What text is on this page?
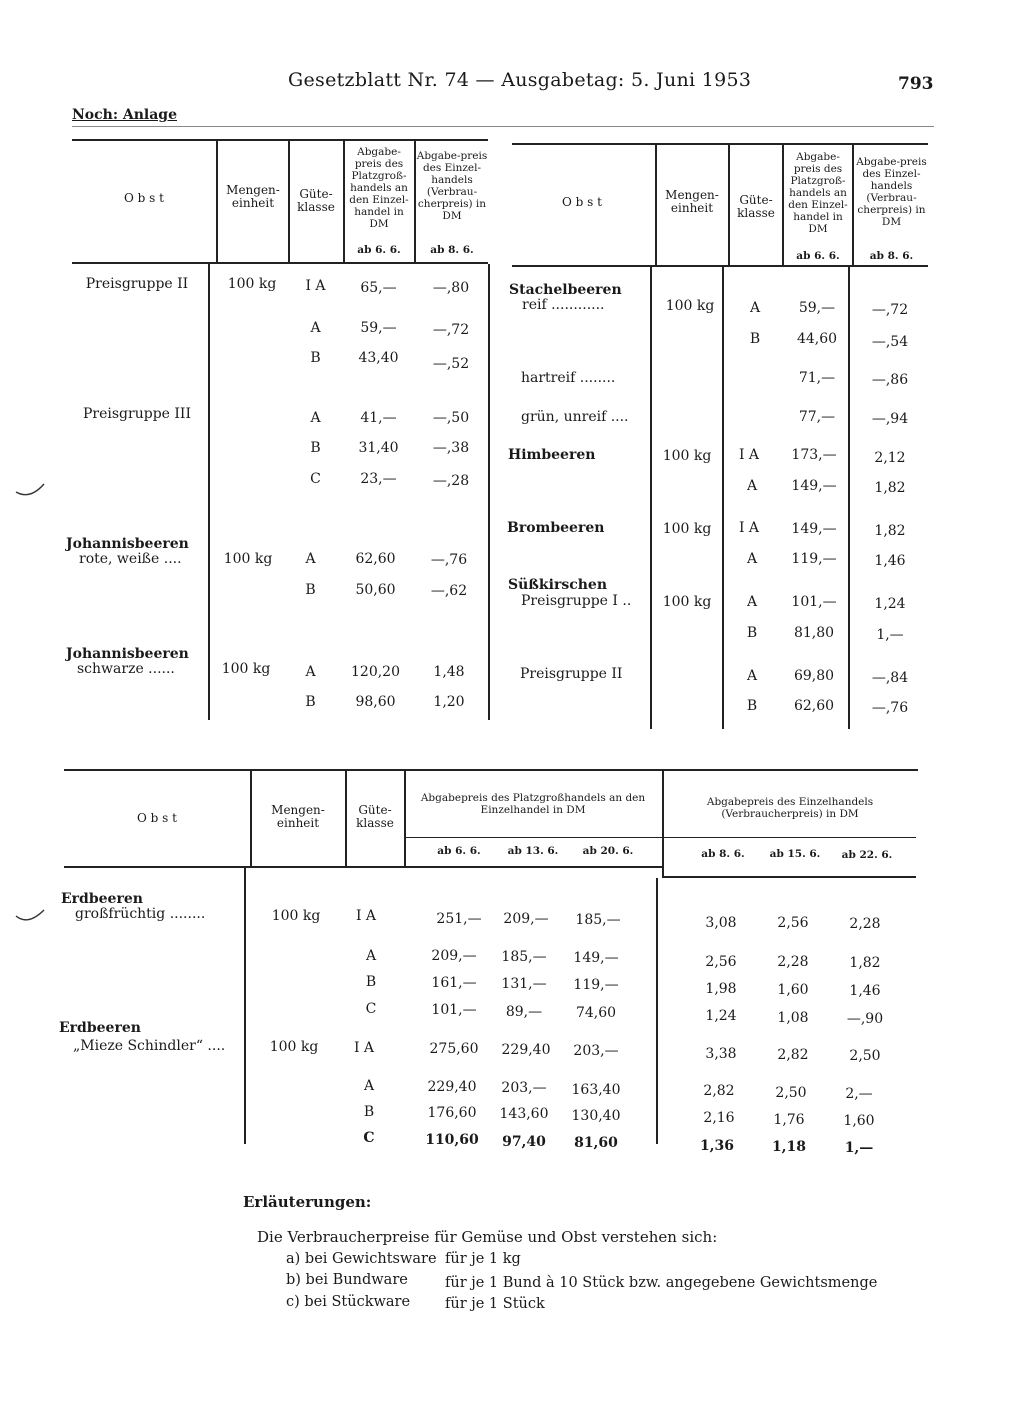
Gesetzblatt Nr. 74 — Ausgabetag: 5. Juni 1953	793
Noch: Anlage
O b s t
Mengen-einheit
Güte-klasse
Abgabe-preis des Platzgroß-handels an den Einzel-handel in DM
ab 6. 6.
Abgabe-preis des Einzel-handels (Verbrau-cherpreis) in DM
ab 8. 6.
Preisgruppe II	100 kg	I A	65,—	—,80
A	59,—	—,72
B	43,40	—,52
Preisgruppe III	A	41,—	—,50
B	31,40	—,38
C	23,—	—,28
Johannisbeeren
rote, weiße ....	100 kg	A	62,60	—,76
B	50,60	—,62
Johannisbeeren
schwarze ......	100 kg	A	120,20	1,48
B	98,60	1,20
O b s t	Mengen-einheit
Güte-klasse
Abgabe-preis des Platzgroß-handels an den Einzel-handel in DM
ab 6. 6.
Abgabe-preis des Einzel-handels (Verbrau-cherpreis) in DM
ab 8. 6.
Stachelbeeren
reif ............	100 kg	A	59,—	—,72
B	44,60	—,54
hartreif ........	71,—	—,86
grün, unreif ....	77,—	—,94
Himbeeren	100 kg	I A	173,—	2,12
A	149,—	1,82
Brombeeren	100 kg	I A	149,—	1,82
A	119,—	1,46
Süßkirschen
Preisgruppe I ..	100 kg	A	101,—	1,24
B	81,80	1,—
Preisgruppe II	A	69,80	—,84
B	62,60	—,76
O b s t
Mengen-einheit
Güte-klasse
Abgabepreis des Platzgroßhandels an den Einzelhandel in DM
Abgabepreis des Einzelhandels (Verbraucherpreis) in DM
ab 6. 6.	ab 13. 6.	ab 20. 6.	ab 8. 6.	ab 15. 6.	ab 22. 6.
Erdbeeren
großfrüchtig ........	100 kg	I A	251,—	209,—	185,—	3,08	2,56	2,28
A	209,—	185,—	149,—	2,56	2,28	1,82
B	161,—	131,—	119,—	1,98	1,60	1,46
C	101,—	89,—	74,60	1,24	1,08	—,90
Erdbeeren
„Mieze Schindler“ ....	100 kg	I A	275,60	229,40	203,—	3,38	2,82	2,50
A	229,40	203,—	163,40	2,82	2,50	2,—
B	176,60	143,60	130,40	2,16	1,76	1,60
C	110,60	97,40	81,60	1,36	1,18	1,—
Erläuterungen:
Die Verbraucherpreise für Gemüse und Obst verstehen sich:
a) bei Gewichtsware für je 1 kg
b) bei Bundware	für je 1 Bund à 10 Stück bzw. angegebene Gewichtsmenge
c) bei Stückware für je 1 Stück
